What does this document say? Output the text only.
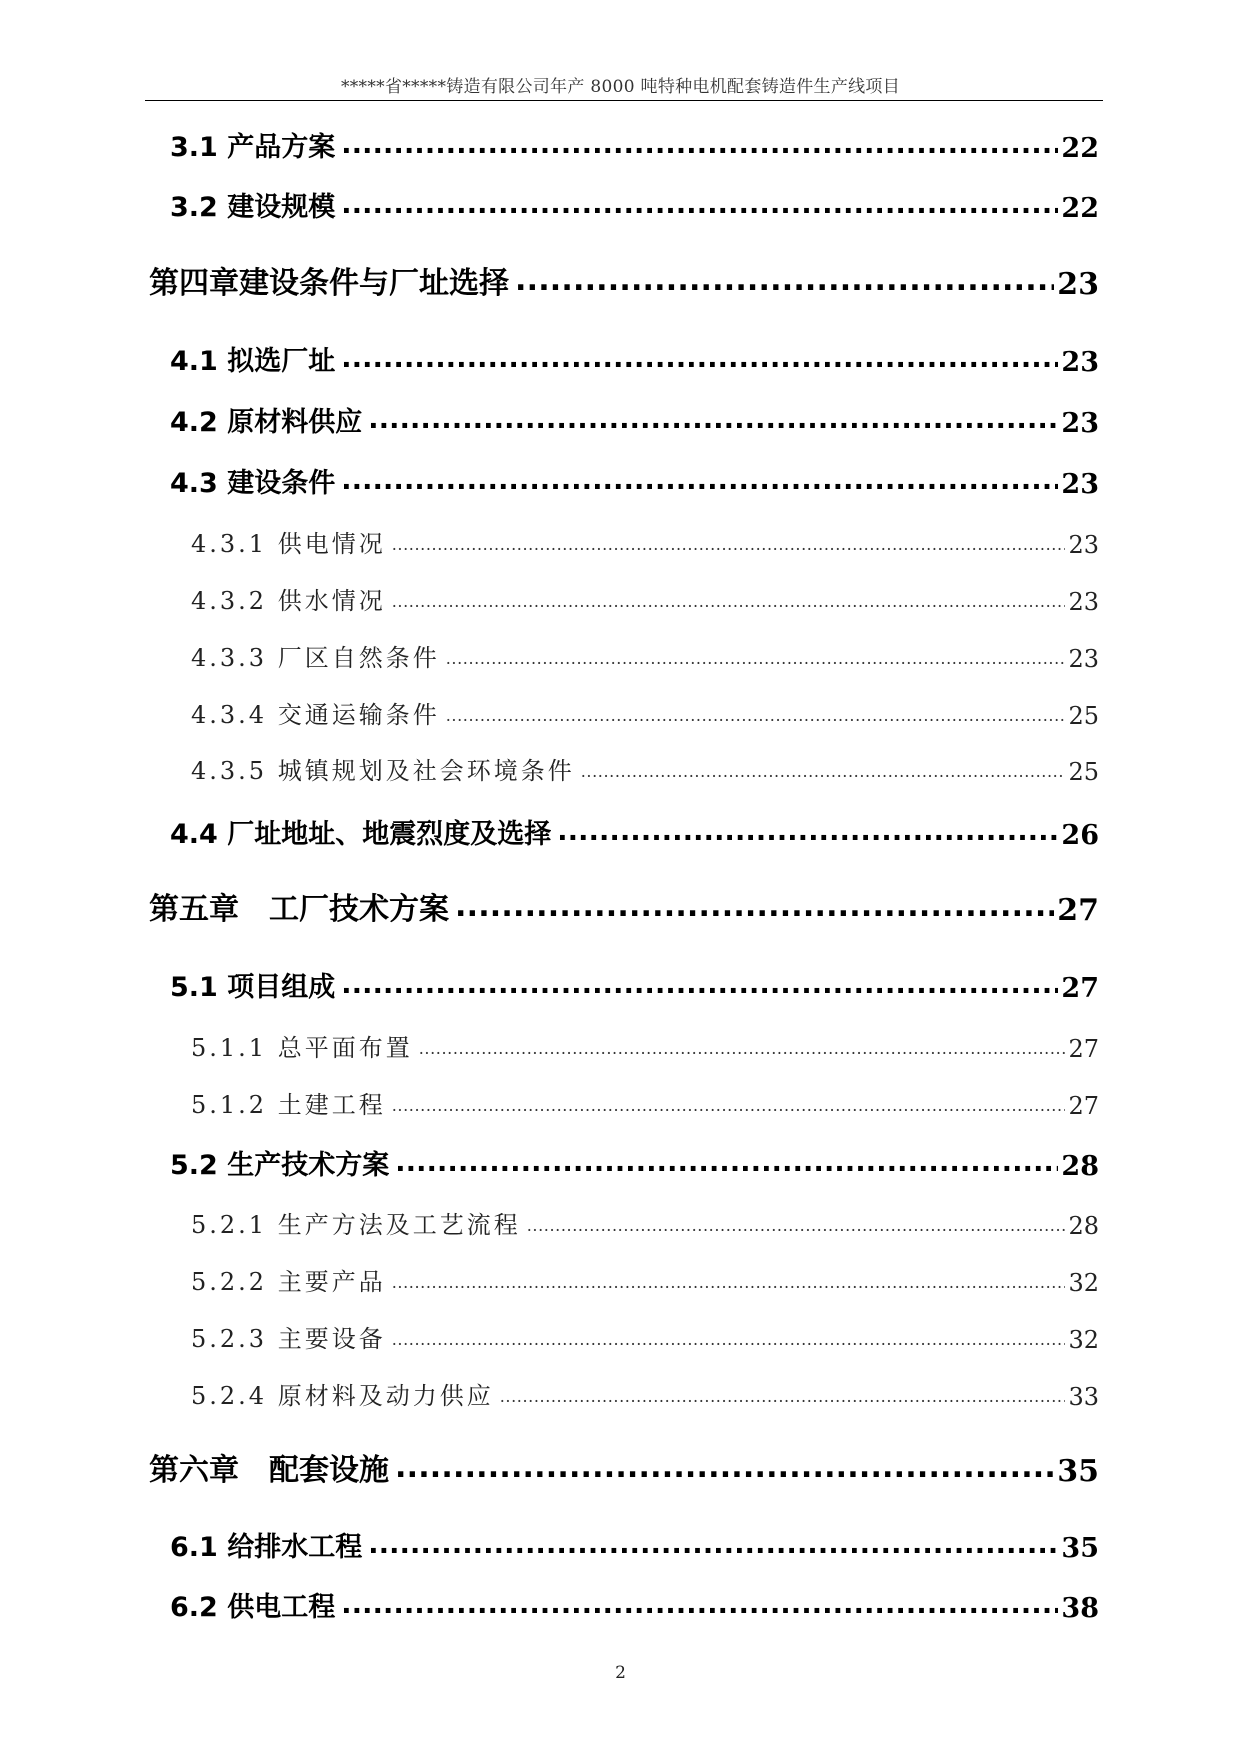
*****省*****铸造有限公司年产 8000 吨特种电机配套铸造件生产线项目
3.1 产品方案 .....	22
3.2 建设规模 .....	22
第四章建设条件与厂址选择 .....	23
4.1 拟选厂址 .....	23
4.2 原材料供应 .....	23
4.3 建设条件 .....	23
4.3.1 供电情况 .....	23
4.3.2 供水情况 .....	23
4.3.3 厂区自然条件 .....	23
4.3.4 交通运输条件 .....	25
4.3.5 城镇规划及社会环境条件 .....	25
4.4 厂址地址、地震烈度及选择 .....	26
第五章　工厂技术方案 .....	27
5.1 项目组成 .....	27
5.1.1 总平面布置 .....	27
5.1.2 土建工程 .....	27
5.2 生产技术方案 .....	28
5.2.1 生产方法及工艺流程 .....	28
5.2.2 主要产品 .....	32
5.2.3 主要设备 .....	32
5.2.4 原材料及动力供应 .....	33
第六章　配套设施 .....	35
6.1 给排水工程 .....	35
6.2 供电工程 .....	38
2
